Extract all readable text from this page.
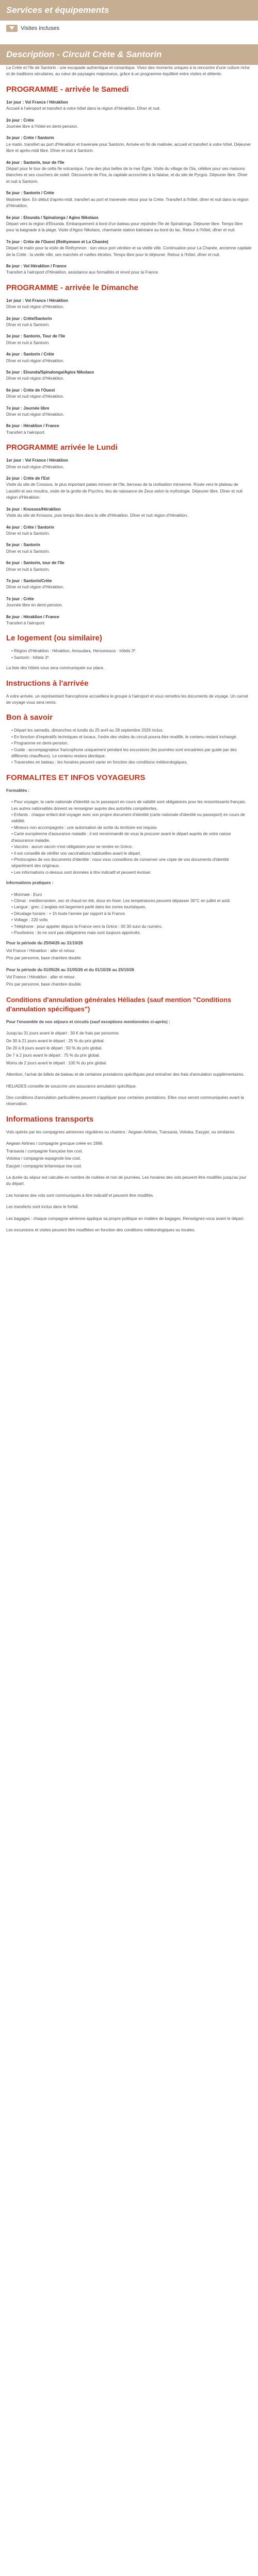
Services et équipements
Visites incluses
Description - Circuit Crète & Santorin

La Crète et l'île de Santorin : une escapade authentique et romantique. Vivez des moments uniques à la rencontre d'une culture riche et de traditions séculaires, au cœur de paysages majestueux, grâce à un programme équilibré entre visites et détente.

PROGRAMME - arrivée le Samedi
1er jour : Vol France / Héraklion
Accueil à l'aéroport et transfert à votre hôtel dans la région d'Héraklion. Dîner et nuit.
2e jour : Crète
Journée libre à l'hôtel en demi-pension.
3e jour : Crète / Santorin
Le matin, transfert au port d'Héraklion et traversée pour Santorin. Arrivée en fin de matinée, accueil et transfert à votre hôtel. Déjeuner libre et après-midi libre. Dîner et nuit à Santorin.
4e jour : Santorin, tour de l'île
Départ pour le tour de cette île volcanique, l'une des plus belles de la mer Égée. Visite du village de Oia, célèbre pour ses maisons blanches et ses couchers de soleil. Découverte de Fira, la capitale accrochée à la falaise, et du site de Pyrgos. Déjeuner libre. Dîner et nuit à Santorin.
5e jour : Santorin / Crète
Matinée libre. En début d'après-midi, transfert au port et traversée retour pour la Crète. Transfert à l'hôtel, dîner et nuit dans la région d'Héraklion.
6e jour : Elounda / Spinalonga / Agios Nikolaos
Départ vers la région d'Elounda. Embarquement à bord d'un bateau pour rejoindre l'île de Spinalonga. Déjeuner libre. Temps libre pour la baignade à la plage. Visite d'Agios Nikolaos, charmante station balnéaire au bord du lac. Retour à l'hôtel, dîner et nuit.
7e jour : Crète de l'Ouest (Rethymnon et La Chanée)
Départ le matin pour la visite de Rethymnon : son vieux port vénitien et sa vieille ville. Continuation pour La Chanée, ancienne capitale de la Crète : la vieille ville, ses marchés et ruelles étroites. Temps libre pour le déjeuner. Retour à l'hôtel, dîner et nuit.
8e jour : Vol Héraklion / France
Transfert à l'aéroport d'Héraklion, assistance aux formalités et envol pour la France.
PROGRAMME - arrivée le Dimanche
1er jour : Vol France / Héraklion
Dîner et nuit région d'Héraklion.
2e jour : Crète/Santorin
Dîner et nuit à Santorin.
3e jour : Santorin, Tour de l'île
Dîner et nuit à Santorin.
4e jour : Santorin / Crète
Dîner et nuit région d'Héraklion.
5e jour : Elounda/Spinalonga/Agios Nikolaos
Dîner et nuit région d'Héraklion.
6e jour : Crète de l'Ouest
Dîner et nuit région d'Héraklion.
7e jour : Journée libre
Dîner et nuit région d'Héraklion.
8e jour : Héraklion / France
Transfert à l'aéroport.
PROGRAMME arrivée le Lundi
1er jour : Vol France / Héraklion
Dîner et nuit région d'Héraklion.
2e jour : Crète de l'Est
Visite du site de Cnossos, le plus important palais minoen de l'île, berceau de la civilisation minoenne. Route vers le plateau de Lassithi et ses moulins, visite de la grotte de Psychro, lieu de naissance de Zeus selon la mythologie. Déjeuner libre. Dîner et nuit région d'Héraklion.
3e jour : Knossos/Héraklion
Visite du site de Knossos, puis temps libre dans la ville d'Héraklion. Dîner et nuit région d'Héraklion.
4e jour : Crète / Santorin
Dîner et nuit à Santorin.
5e jour : Santorin
Dîner et nuit à Santorin.
6e jour : Santorin, tour de l'île
Dîner et nuit à Santorin.
7e jour : Santorin/Crète
Dîner et nuit région d'Héraklion.
7e jour : Crète
Journée libre en demi-pension.
8e jour : Héraklion / France
Transfert à l'aéroport.
Le logement (ou similaire)
• Région d'Héraklion : Héraklion, Amoudara, Hersonissos - hôtels 3*.
• Santorin : hôtels 3*.

La liste des hôtels vous sera communiquée sur place.

Instructions à l'arrivée

A votre arrivée, un représentant francophone accueillera le groupe à l'aéroport et vous remettra les documents de voyage. Un carnet de voyage vous sera remis.

Bon à savoir
• Départ les samedis, dimanches et lundis du 25 avril au 28 septembre 2026 inclus.
• En fonction d'impératifs techniques et locaux, l'ordre des visites du circuit pourra être modifié, le contenu restant inchangé.
• Programme en demi-pension.
• Guide : accompagnateur francophone uniquement pendant les excursions (les journées sont encadrées par guide par des différents chauffeurs). Le contenu restera identique.
• Traversées en bateau : les horaires peuvent varier en fonction des conditions météorologiques.
FORMALITES ET INFOS VOYAGEURS

Formalités :

• Pour voyager, la carte nationale d'identité ou le passeport en cours de validité sont obligatoires pour les ressortissants français. Les autres nationalités doivent se renseigner auprès des autorités compétentes.
• Enfants : chaque enfant doit voyager avec son propre document d'identité (carte nationale d'identité ou passeport) en cours de validité.
• Mineurs non accompagnés : une autorisation de sortie du territoire est requise.
• Carte européenne d'assurance maladie : il est recommandé de vous la procurer avant le départ auprès de votre caisse d'assurance maladie.
• Vaccins : aucun vaccin n'est obligatoire pour se rendre en Grèce.
• Il est conseillé de vérifier vos vaccinations habituelles avant le départ.
• Photocopies de vos documents d'identité : nous vous conseillons de conserver une copie de vos documents d'identité séparément des originaux.
• Les informations ci-dessus sont données à titre indicatif et peuvent évoluer.

Informations pratiques :

• Monnaie : Euro
• Climat : méditerranéen, sec et chaud en été, doux en hiver. Les températures peuvent dépasser 30°C en juillet et août.
• Langue : grec. L'anglais est largement parlé dans les zones touristiques.
• Décalage horaire : + 1h toute l'année par rapport à la France.
• Voltage : 220 volts
• Téléphone : pour appeler depuis la France vers la Grèce : 00 30 suivi du numéro.
• Pourboires : ils ne sont pas obligatoires mais sont toujours appréciés.

Pour la période du 25/04/26 au 31/10/26

Vol France / Héraklion : aller et retour.

Prix par personne, base chambre double.

Pour la période du 01/05/26 au 31/05/26 et du 01/10/26 au 25/10/26

Vol France / Héraklion : aller et retour.

Prix par personne, base chambre double.

Conditions d'annulation générales Héliades (sauf mention "Conditions d'annulation spécifiques")

Pour l'ensemble de nos séjours et circuits (sauf exceptions mentionnées ci-après) :

Jusqu'au 31 jours avant le départ : 30 € de frais par personne.

De 30 à 21 jours avant le départ : 25 % du prix global.

De 20 à 8 jours avant le départ : 50 % du prix global.

De 7 à 2 jours avant le départ : 75 % du prix global.

Moins de 2 jours avant le départ : 100 % du prix global.

Attention, l'achat de billets de bateau et de certaines prestations spécifiques peut entraîner des frais d'annulation supplémentaires.

HELIADES conseille de souscrire une assurance annulation spécifique.

Des conditions d'annulation particulières peuvent s'appliquer pour certaines prestations. Elles vous seront communiquées avant la réservation.

Informations transports

Vols opérés par les compagnies aériennes régulières ou charters : Aegean Airlines, Transavia, Volotea, Easyjet, ou similaires.

Aegean Airlines / compagnie grecque créée en 1999.

Transavia / compagnie française low cost.

Volotea / compagnie espagnole low cost.

Easyjet / compagnie britannique low cost.

La durée du séjour est calculée en nombre de nuitées et non de journées. Les horaires des vols peuvent être modifiés jusqu'au jour du départ.

Les horaires des vols sont communiqués à titre indicatif et peuvent être modifiés.

Les transferts sont inclus dans le forfait.

Les bagages : chaque compagnie aérienne applique sa propre politique en matière de bagages. Renseignez-vous avant le départ.

Les excursions et visites peuvent être modifiées en fonction des conditions météorologiques ou locales.
